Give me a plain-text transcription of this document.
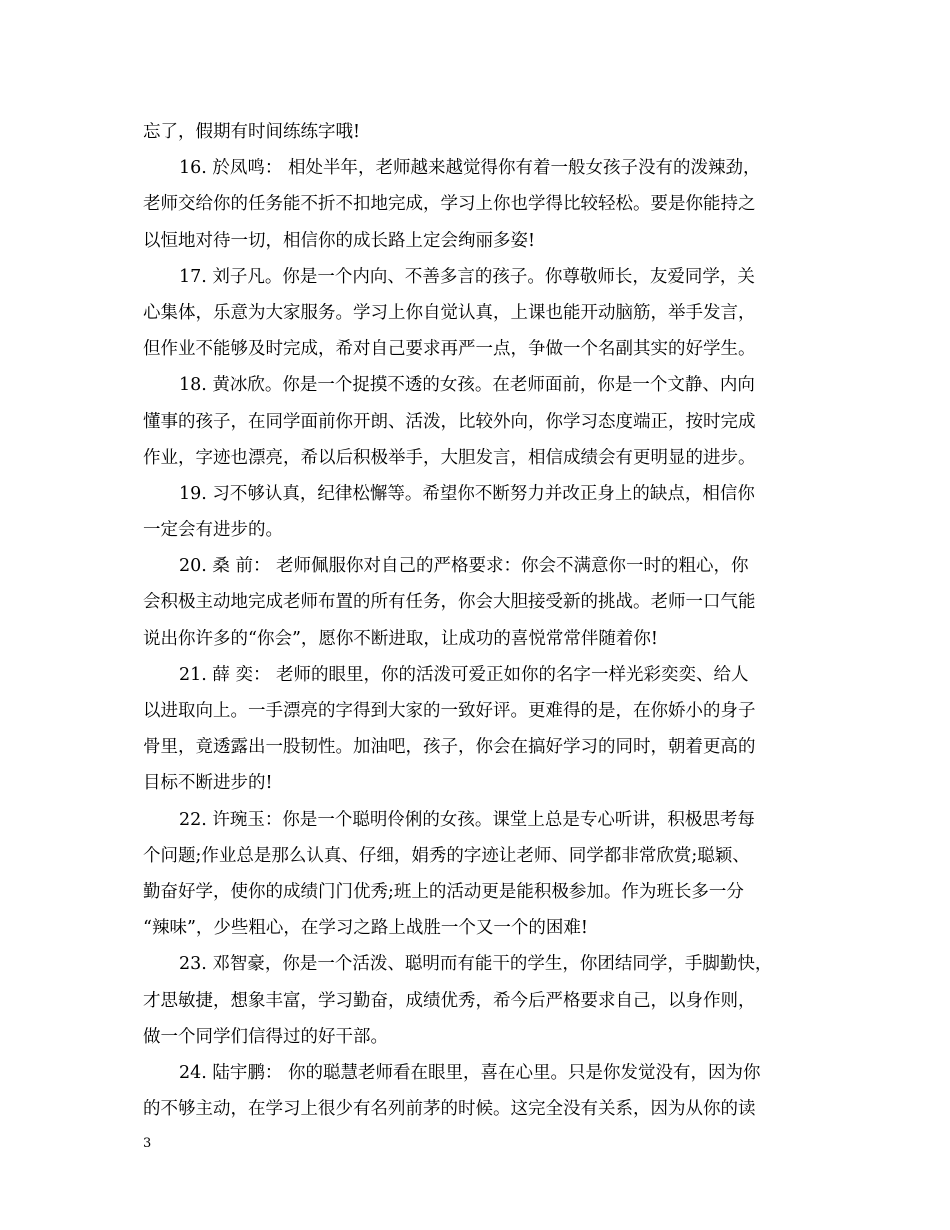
忘了，假期有时间练练字哦!
16. 於凤鸣： 相处半年，老师越来越觉得你有着一般女孩子没有的泼辣劲，
老师交给你的任务能不折不扣地完成，学习上你也学得比较轻松。要是你能持之
以恒地对待一切，相信你的成长路上定会绚丽多姿!
17. 刘子凡。你是一个内向、不善多言的孩子。你尊敬师长，友爱同学，关
心集体，乐意为大家服务。学习上你自觉认真，上课也能开动脑筋，举手发言，
但作业不能够及时完成，希对自己要求再严一点，争做一个名副其实的好学生。
18. 黄冰欣。你是一个捉摸不透的女孩。在老师面前，你是一个文静、内向
懂事的孩子，在同学面前你开朗、活泼，比较外向，你学习态度端正，按时完成
作业，字迹也漂亮，希以后积极举手，大胆发言，相信成绩会有更明显的进步。
19. 习不够认真，纪律松懈等。希望你不断努力并改正身上的缺点，相信你
一定会有进步的。
20. 桑 前： 老师佩服你对自己的严格要求：你会不满意你一时的粗心，你
会积极主动地完成老师布置的所有任务，你会大胆接受新的挑战。老师一口气能
说出你许多的“你会”，愿你不断进取，让成功的喜悦常常伴随着你!
21. 薛 奕： 老师的眼里，你的活泼可爱正如你的名字一样光彩奕奕、给人
以进取向上。一手漂亮的字得到大家的一致好评。更难得的是，在你娇小的身子
骨里，竟透露出一股韧性。加油吧，孩子，你会在搞好学习的同时，朝着更高的
目标不断进步的!
22. 许琬玉：你是一个聪明伶俐的女孩。课堂上总是专心听讲，积极思考每
个问题;作业总是那么认真、仔细，娟秀的字迹让老师、同学都非常欣赏;聪颖、
勤奋好学，使你的成绩门门优秀;班上的活动更是能积极参加。作为班长多一分
“辣味”，少些粗心，在学习之路上战胜一个又一个的困难!
23. 邓智豪，你是一个活泼、聪明而有能干的学生，你团结同学，手脚勤快，
才思敏捷，想象丰富，学习勤奋，成绩优秀，希今后严格要求自己，以身作则，
做一个同学们信得过的好干部。
24. 陆宇鹏： 你的聪慧老师看在眼里，喜在心里。只是你发觉没有，因为你
的不够主动，在学习上很少有名列前茅的时候。这完全没有关系，因为从你的读
3
